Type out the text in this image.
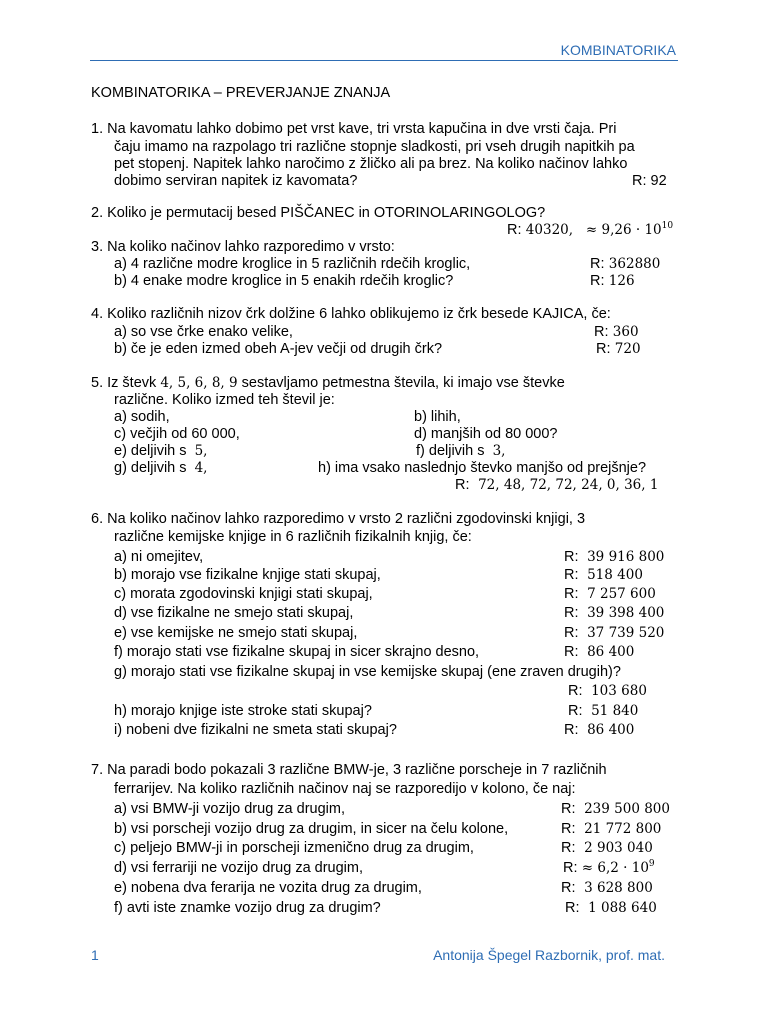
KOMBINATORIKA
KOMBINATORIKA – PREVERJANJE ZNANJA
1. Na kavomatu lahko dobimo pet vrst kave, tri vrsta kapučina in dve vrsti čaja. Pri
čaju imamo na razpolago tri različne stopnje sladkosti, pri vseh drugih napitkih pa
pet stopenj. Napitek lahko naročimo z žličko ali pa brez. Na koliko načinov lahko
dobimo serviran napitek iz kavomata?	R: 92
2. Koliko je permutacij besed PIŠČANEC in OTORINOLARINGOLOG?
R: 40320, ≈ $9,26 \cdot 10^{10}$
3. Na koliko načinov lahko razporedimo v vrsto:
a) 4 različne modre kroglice in 5 različnih rdečih kroglic,	R: 362880
b) 4 enake modre kroglice in 5 enakih rdečih kroglic?	R: 126
4. Koliko različnih nizov črk dolžine 6 lahko oblikujemo iz črk besede KAJICA, če:
a) so vse črke enako velike,	R: 360
b) če je eden izmed obeh A-jev večji od drugih črk?	R: 720
5. Iz števk 4, 5, 6, 8, 9 sestavljamo petmestna števila, ki imajo vse števke
različne. Koliko izmed teh števil je:
a) sodih,	b) lihih,
c) večjih od 60 000,	d) manjših od 80 000?
e) deljivih s 5,	f) deljivih s 3,
g) deljivih s 4,	h) ima vsako naslednjo števko manjšo od prejšnje?
R: 72, 48, 72, 72, 24, 0, 36, 1
6. Na koliko načinov lahko razporedimo v vrsto 2 različni zgodovinski knjigi, 3
različne kemijske knjige in 6 različnih fizikalnih knjig, če:
a) ni omejitev,	R: 39 916 800
b) morajo vse fizikalne knjige stati skupaj,	R: 518 400
c) morata zgodovinski knjigi stati skupaj,	R: 7 257 600
d) vse fizikalne ne smejo stati skupaj,	R: 39 398 400
e) vse kemijske ne smejo stati skupaj,	R: 37 739 520
f) morajo stati vse fizikalne skupaj in sicer skrajno desno,	R: 86 400
g) morajo stati vse fizikalne skupaj in vse kemijske skupaj (ene zraven drugih)?
R: 103 680
h) morajo knjige iste stroke stati skupaj?	R: 51 840
i) nobeni dve fizikalni ne smeta stati skupaj?	R: 86 400
7. Na paradi bodo pokazali 3 različne BMW-je, 3 različne porscheje in 7 različnih
ferrarijev. Na koliko različnih načinov naj se razporedijo v kolono, če naj:
a) vsi BMW-ji vozijo drug za drugim,	R: 239 500 800
b) vsi porscheji vozijo drug za drugim, in sicer na čelu kolone,	R: 21 772 800
c) peljejo BMW-ji in porscheji izmenično drug za drugim,	R: 2 903 040
d) vsi ferrariji ne vozijo drug za drugim,	R: ≈ $6,2 \cdot 10^9$
e) nobena dva ferarija ne vozita drug za drugim,	R: 3 628 800
f) avti iste znamke vozijo drug za drugim?	R: 1 088 640
1	Antonija Špegel Razbornik, prof. mat.
